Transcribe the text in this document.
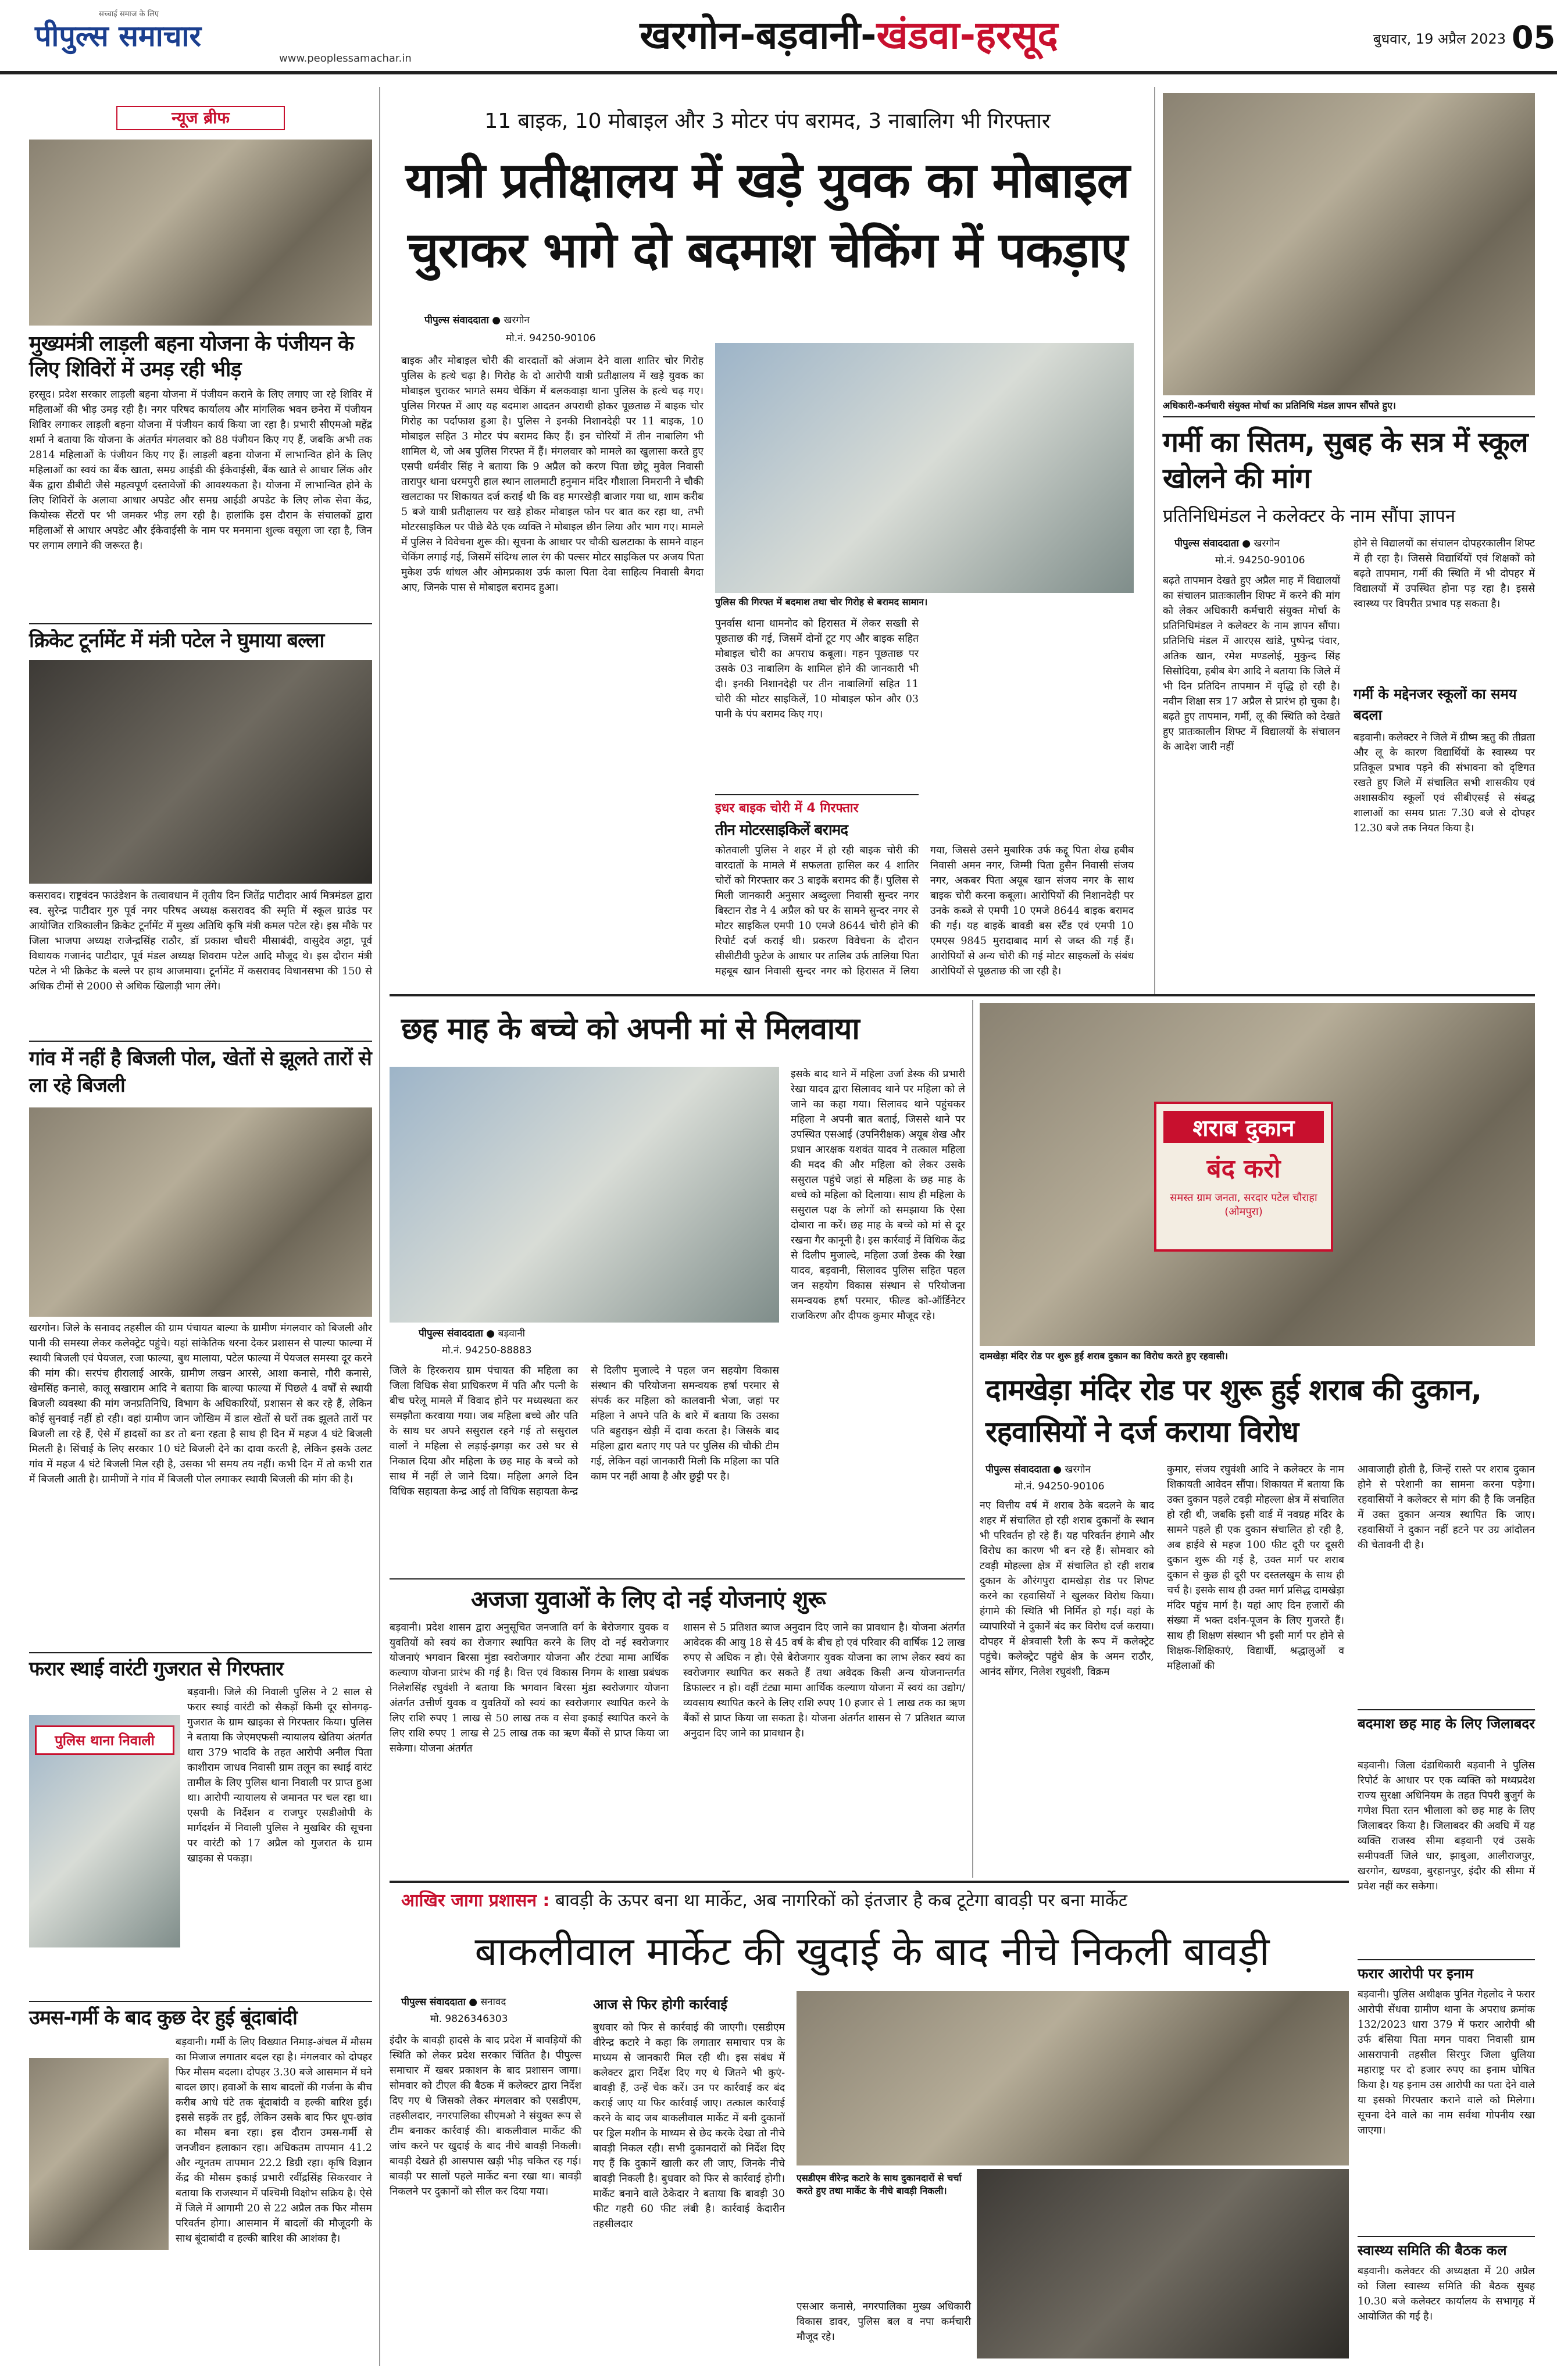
सच्चाई समाज के लिए
पीपुल्स समाचार
www.peoplessamachar.in
खरगोन-बड़वानी-खंडवा-हरसूद	बुधवार, 19 अप्रैल 2023 05
न्यूज ब्रीफ
मुख्यमंत्री लाड़ली बहना योजना के पंजीयन के लिए शिविरों में उमड़ रही भीड़
हरसूद। प्रदेश सरकार लाड़ली बहना योजना में पंजीयन कराने के लिए लगाए जा रहे शिविर में महिलाओं की भीड़ उमड़ रही है। नगर परिषद कार्यालय और मांगलिक भवन छनेरा में पंजीयन शिविर लगाकर लाड़ली बहना योजना में पंजीयन कार्य किया जा रहा है। प्रभारी सीएमओ महेंद्र शर्मा ने बताया कि योजना के अंतर्गत मंगलवार को 88 पंजीयन किए गए हैं, जबकि अभी तक 2814 महिलाओं के पंजीयन किए गए हैं। लाड़ली बहना योजना में लाभान्वित होने के लिए महिलाओं का स्वयं का बैंक खाता, समग्र आईडी की ईकेवाईसी, बैंक खाते से आधार लिंक और बैंक द्वारा डीबीटी जैसे महत्वपूर्ण दस्तावेजों की आवश्यकता है। योजना में लाभान्वित होने के लिए शिविरों के अलावा आधार अपडेट और समग्र आईडी अपडेट के लिए लोक सेवा केंद्र, कियोस्क सेंटरों पर भी जमकर भीड़ लग रही है। हालांकि इस दौरान के संचालकों द्वारा महिलाओं से आधार अपडेट और ईकेवाईसी के नाम पर मनमाना शुल्क वसूला जा रहा है, जिन पर लगाम लगाने की जरूरत है।
क्रिकेट टूर्नामेंट में मंत्री पटेल ने घुमाया बल्ला
कसरावद। राष्ट्रवंदन फाउंडेशन के तत्वावधान में तृतीय दिन जितेंद्र पाटीदार आर्य मित्रमंडल द्वारा स्व. सुरेन्द्र पाटीदार गुरु पूर्व नगर परिषद अध्यक्ष कसरावद की स्मृति में स्कूल ग्राउंड पर आयोजित रात्रिकालीन क्रिकेट टूर्नामेंट में मुख्य अतिथि कृषि मंत्री कमल पटेल रहे। इस मौके पर जिला भाजपा अध्यक्ष राजेन्द्रसिंह राठौर, डॉ प्रकाश चौधरी मीसाबंदी, वासुदेव अट्टा, पूर्व विधायक गजानंद पाटीदार, पूर्व मंडल अध्यक्ष शिवराम पटेल आदि मौजूद थे। इस दौरान मंत्री पटेल ने भी क्रिकेट के बल्ले पर हाथ आजमाया। टूर्नामेंट में कसरावद विधानसभा की 150 से अधिक टीमों से 2000 से अधिक खिलाड़ी भाग लेंगे।
गांव में नहीं है बिजली पोल, खेतों से झूलते तारों से ला रहे बिजली
खरगोन। जिले के सनावद तहसील की ग्राम पंचायत बाल्या के ग्रामीण मंगलवार को बिजली और पानी की समस्या लेकर कलेक्ट्रेट पहुंचे। यहां सांकेतिक धरना देकर प्रशासन से पाल्या फाल्या में स्थायी बिजली एवं पेयजल, रजा फाल्या, बुध मालाया, पटेल फाल्या में पेयजल समस्या दूर करने की मांग की। सरपंच हीरालाई आरके, ग्रामीण लखन आरसे, आशा कनासे, गौरी कनासे, खेमसिंह कनासे, कालू सखाराम आदि ने बताया कि बाल्या फाल्या में पिछले 4 वर्षों से स्थायी बिजली व्यवस्था की मांग जनप्रतिनिधि, विभाग के अधिकारियों, प्रशासन से कर रहे हैं, लेकिन कोई सुनवाई नहीं हो रही। वहां ग्रामीण जान जोखिम में डाल खेतों से घरों तक झूलते तारों पर बिजली ला रहे हैं, ऐसे में हादसों का डर तो बना रहता है साथ ही दिन में महज 4 घंटे बिजली मिलती है। सिंचाई के लिए सरकार 10 घंटे बिजली देने का दावा करती है, लेकिन इसके उलट गांव में महज 4 घंटे बिजली मिल रही है, उसका भी समय तय नहीं। कभी दिन में तो कभी रात में बिजली आती है। ग्रामीणों ने गांव में बिजली पोल लगाकर स्थायी बिजली की मांग की है।
फरार स्थाई वारंटी गुजरात से गिरफ्तार
पुलिस थाना निवाली
बड़वानी। जिले की निवाली पुलिस ने 2 साल से फरार स्थाई वारंटी को सैकड़ों किमी दूर सोनगढ़-गुजरात के ग्राम खाइका से गिरफ्तार किया। पुलिस ने बताया कि जेएमएफसी न्यायालय खेतिया अंतर्गत धारा 379 भादवि के तहत आरोपी अनील पिता काशीराम जाधव निवासी ग्राम तलून का स्थाई वारंट तामील के लिए पुलिस थाना निवाली पर प्राप्त हुआ था। आरोपी न्यायालय से जमानत पर चल रहा था। एसपी के निर्देशन व राजपुर एसडीओपी के मार्गदर्शन में निवाली पुलिस ने मुखबिर की सूचना पर वारंटी को 17 अप्रैल को गुजरात के ग्राम खाइका से पकड़ा।
उमस-गर्मी के बाद कुछ देर हुई बूंदाबांदी
बड़वानी। गर्मी के लिए विख्यात निमाड़-अंचल में मौसम का मिजाज लगातार बदल रहा है। मंगलवार को दोपहर फिर मौसम बदला। दोपहर 3.30 बजे आसमान में घने बादल छाए। हवाओं के साथ बादलों की गर्जना के बीच करीब आधे घंटे तक बूंदाबांदी व हल्की बारिश हुई। इससे सड़कें तर हुईं, लेकिन उसके बाद फिर धूप-छांव का मौसम बना रहा। इस दौरान उमस-गर्मी से जनजीवन हलाकान रहा। अधिकतम तापमान 41.2 और न्यूनतम तापमान 22.2 डिग्री रहा। कृषि विज्ञान केंद्र की मौसम इकाई प्रभारी रवींद्रसिंह सिकरवार ने बताया कि राजस्थान में पश्चिमी विक्षोभ सक्रिय है। ऐसे में जिले में आगामी 20 से 22 अप्रैल तक फिर मौसम परिवर्तन होगा। आसमान में बादलों की मौजूदगी के साथ बूंदाबांदी व हल्की बारिश की आशंका है।
11 बाइक, 10 मोबाइल और 3 मोटर पंप बरामद, 3 नाबालिग भी गिरफ्तार
यात्री प्रतीक्षालय में खड़े युवक का मोबाइल चुराकर भागे दो बदमाश चेकिंग में पकड़ाए
पीपुल्स संवाददाता ● खरगोन
मो.नं. 94250-90106
बाइक और मोबाइल चोरी की वारदातों को अंजाम देने वाला शातिर चोर गिरोह पुलिस के हत्थे चढ़ा है। गिरोह के दो आरोपी यात्री प्रतीक्षालय में खड़े युवक का मोबाइल चुराकर भागते समय चेकिंग में बलकवाड़ा थाना पुलिस के हत्थे चढ़ गए। पुलिस गिरफ्त में आए यह बदमाश आदतन अपराधी होकर पूछताछ में बाइक चोर गिरोह का पर्दाफाश हुआ है। पुलिस ने इनकी निशानदेही पर 11 बाइक, 10 मोबाइल सहित 3 मोटर पंप बरामद किए हैं। इन चोरियों में तीन नाबालिग भी शामिल थे, जो अब पुलिस गिरफ्त में हैं। मंगलवार को मामले का खुलासा करते हुए एसपी धर्मवीर सिंह ने बताया कि 9 अप्रैल को करण पिता छोटू मुवेल निवासी तारापुर थाना धरमपुरी हाल स्थान लालमाटी हनुमान मंदिर गौशाला निमरानी ने चौकी खलटाका पर शिकायत दर्ज कराई थी कि वह मगरखेड़ी बाजार गया था, शाम करीब 5 बजे यात्री प्रतीक्षालय पर खड़े होकर मोबाइल फोन पर बात कर रहा था, तभी मोटरसाइकिल पर पीछे बैठे एक व्यक्ति ने मोबाइल छीन लिया और भाग गए। मामले में पुलिस ने विवेचना शुरू की। सूचना के आधार पर चौकी खलटाका के सामने वाहन चेकिंग लगाई गई, जिसमें संदिग्ध लाल रंग की पल्सर मोटर साइकिल पर अजय पिता मुकेश उर्फ धांधल और ओमप्रकाश उर्फ काला पिता देवा साहित्य निवासी बैगदा आए, जिनके पास से मोबाइल बरामद हुआ।
पुलिस की गिरफ्त में बदमाश तथा चोर गिरोह से बरामद सामान।
पुनर्वास थाना धामनोद को हिरासत में लेकर सख्ती से पूछताछ की गई, जिसमें दोनों टूट गए और बाइक सहित मोबाइल चोरी का अपराध कबूला। गहन पूछताछ पर उसके 03 नाबालिग के शामिल होने की जानकारी भी दी। इनकी निशानदेही पर तीन नाबालिगों सहित 11 चोरी की मोटर साइकिलें, 10 मोबाइल फोन और 03 पानी के पंप बरामद किए गए।
इधर बाइक चोरी में 4 गिरफ्तार
तीन मोटरसाइकिलें बरामद
कोतवाली पुलिस ने शहर में हो रही बाइक चोरी की वारदातों के मामले में सफलता हासिल कर 4 शातिर चोरों को गिरफ्तार कर 3 बाइकें बरामद की हैं। पुलिस से मिली जानकारी अनुसार अब्दुल्ला निवासी सुन्दर नगर बिस्टान रोड ने 4 अप्रैल को घर के सामने सुन्दर नगर से मोटर साइकिल एमपी 10 एमजे 8644 चोरी होने की रिपोर्ट दर्ज कराई थी। प्रकरण विवेचना के दौरान सीसीटीवी फुटेज के आधार पर तालिब उर्फ तालिया पिता महबूब खान निवासी सुन्दर नगर को हिरासत में लिया गया, जिससे उसने मुबारिक उर्फ कद्दू पिता शेख हबीब निवासी अमन नगर, जिम्मी पिता हुसैन निवासी संजय नगर, अकबर पिता अयूब खान संजय नगर के साथ बाइक चोरी करना कबूला। आरोपियों की निशानदेही पर उनके कब्जे से एमपी 10 एमजे 8644 बाइक बरामद की गई। यह बाइकें बावडी बस स्टैंड एवं एमपी 10 एमएस 9845 मुरादाबाद मार्ग से जब्त की गई हैं। आरोपियों से अन्य चोरी की गई मोटर साइकलों के संबंध आरोपियों से पूछताछ की जा रही है।
अधिकारी-कर्मचारी संयुक्त मोर्चा का प्रतिनिधि मंडल ज्ञापन सौंपते हुए।
गर्मी का सितम, सुबह के सत्र में स्कूल खोलने की मांग
प्रतिनिधिमंडल ने कलेक्टर के नाम सौंपा ज्ञापन
पीपुल्स संवाददाता ● खरगोन
मो.नं. 94250-90106
बढ़ते तापमान देखते हुए अप्रैल माह में विद्यालयों का संचालन प्रातःकालीन शिफ्ट में करने की मांग को लेकर अधिकारी कर्मचारी संयुक्त मोर्चा के प्रतिनिधिमंडल ने कलेक्टर के नाम ज्ञापन सौंपा। प्रतिनिधि मंडल में आरएस खांडे, पुष्पेन्द्र पंवार, अतिक खान, रमेश मण्डलोई, मुकुन्द सिंह सिसोदिया, हबीब बेग आदि ने बताया कि जिले में भी दिन प्रतिदिन तापमान में वृद्धि हो रही है। नवीन शिक्षा सत्र 17 अप्रैल से प्रारंभ हो चुका है। बढ़ते हुए तापमान, गर्मी, लू की स्थिति को देखते हुए प्रातःकालीन शिफ्ट में विद्यालयों के संचालन के आदेश जारी नहीं
होने से विद्यालयों का संचालन दोपहरकालीन शिफ्ट में ही रहा है। जिससे विद्यार्थियों एवं शिक्षकों को बढ़ते तापमान, गर्मी की स्थिति में भी दोपहर में विद्यालयों में उपस्थित होना पड़ रहा है। इससे स्वास्थ्य पर विपरीत प्रभाव पड़ सकता है।
गर्मी के मद्देनजर स्कूलों का समय बदला
बड़वानी। कलेक्टर ने जिले में ग्रीष्म ऋतु की तीव्रता और लू के कारण विद्यार्थियों के स्वास्थ्य पर प्रतिकूल प्रभाव पड़ने की संभावना को दृष्टिगत रखते हुए जिले में संचालित सभी शासकीय एवं अशासकीय स्कूलों एवं सीबीएसई से संबद्ध शालाओं का समय प्रातः 7.30 बजे से दोपहर 12.30 बजे तक नियत किया है।
छह माह के बच्चे को अपनी मां से मिलवाया
पीपुल्स संवाददाता ● बड़वानी
मो.नं. 94250-88883
जिले के हिरकराय ग्राम पंचायत की महिला का जिला विधिक सेवा प्राधिकरण में पति और पत्नी के बीच घरेलू मामले में विवाद होने पर मध्यस्थता कर समझौता करवाया गया। जब महिला बच्चे और पति के साथ घर अपने ससुराल रहने गई तो ससुराल वालों ने महिला से लड़ाई-झगड़ा कर उसे घर से निकाल दिया और महिला के छह माह के बच्चे को साथ में नहीं ले जाने दिया। महिला अगले दिन विधिक सहायता केन्द्र आई तो विधिक सहायता केन्द्र से दिलीप मुजाल्दे ने पहल जन सहयोग विकास संस्थान की परियोजना समन्वयक हर्षा परमार से संपर्क कर महिला को कालवानी भेजा, जहां पर महिला ने अपने पति के बारे में बताया कि उसका पति बहुराइन खेड़ी में दावा करता है। जिसके बाद महिला द्वारा बताए गए पते पर पुलिस की चौकी टीम गई, लेकिन वहां जानकारी मिली कि महिला का पति काम पर नहीं आया है और छुट्टी पर है।
इसके बाद थाने में महिला उर्जा डेस्क की प्रभारी रेखा यादव द्वारा सिलावद थाने पर महिला को ले जाने का कहा गया। सिलावद थाने पहुंचकर महिला ने अपनी बात बताई, जिससे थाने पर उपस्थित एसआई (उपनिरीक्षक) अयूब शेख और प्रधान आरक्षक यशवंत यादव ने तत्काल महिला की मदद की और महिला को लेकर उसके ससुराल पहुंचे जहां से महिला के छह माह के बच्चे को महिला को दिलाया। साथ ही महिला के ससुराल पक्ष के लोगों को समझाया कि ऐसा दोबारा ना करें। छह माह के बच्चे को मां से दूर रखना गैर कानूनी है। इस कार्रवाई में विधिक केंद्र से दिलीप मुजाल्दे, महिला उर्जा डेस्क की रेखा यादव, बड़वानी, सिलावद पुलिस सहित पहल जन सहयोग विकास संस्थान से परियोजना समन्वयक हर्षा परमार, फील्ड को-ऑर्डिनेटर राजकिरण और दीपक कुमार मौजूद रहे।
अजजा युवाओं के लिए दो नई योजनाएं शुरू
बड़वानी। प्रदेश शासन द्वारा अनुसूचित जनजाति वर्ग के बेरोजगार युवक व युवतियों को स्वयं का रोजगार स्थापित करने के लिए दो नई स्वरोजगार योजनाएं भगवान बिरसा मुंडा स्वरोजगार योजना और टंट्या मामा आर्थिक कल्याण योजना प्रारंभ की गई है। वित्त एवं विकास निगम के शाखा प्रबंधक निलेशसिंह रघुवंशी ने बताया कि भगवान बिरसा मुंडा स्वरोजगार योजना अंतर्गत उत्तीर्ण युवक व युवतियों को स्वयं का स्वरोजगार स्थापित करने के लिए राशि रुपए 1 लाख से 50 लाख तक व सेवा इकाई स्थापित करने के लिए राशि रुपए 1 लाख से 25 लाख तक का ऋण बैंकों से प्राप्त किया जा सकेगा। योजना अंतर्गत
शासन से 5 प्रतिशत ब्याज अनुदान दिए जाने का प्रावधान है। योजना अंतर्गत आवेदक की आयु 18 से 45 वर्ष के बीच हो एवं परिवार की वार्षिक 12 लाख रुपए से अधिक न हो। ऐसे बेरोजगार युवक योजना का लाभ लेकर स्वयं का स्वरोजगार स्थापित कर सकते हैं तथा अवेदक किसी अन्य योजनान्तर्गत डिफाल्टर न हो। वहीं टंट्या मामा आर्थिक कल्याण योजना में स्वयं का उद्योग/व्यवसाय स्थापित करने के लिए राशि रुपए 10 हजार से 1 लाख तक का ऋण बैंकों से प्राप्त किया जा सकता है। योजना अंतर्गत शासन से 7 प्रतिशत ब्याज अनुदान दिए जाने का प्रावधान है।
शराब दुकान
बंद करो
समस्त ग्राम जनता, सरदार पटेल चौराहा (ओमपुरा)
दामखेड़ा मंदिर रोड पर शुरू हुई शराब दुकान का विरोध करते हुए रहवासी।
दामखेड़ा मंदिर रोड पर शुरू हुई शराब की दुकान, रहवासियों ने दर्ज कराया विरोध
पीपुल्स संवाददाता ● खरगोन
मो.नं. 94250-90106
नए वित्तीय वर्ष में शराब ठेके बदलने के बाद शहर में संचालित हो रही शराब दुकानों के स्थान भी परिवर्तन हो रहे हैं। यह परिवर्तन हंगामे और विरोध का कारण भी बन रहे हैं। सोमवार को टवड़ी मोहल्ला क्षेत्र में संचालित हो रही शराब दुकान के औरंगपुरा दामखेड़ा रोड पर शिफ्ट करने का रहवासियों ने खुलकर विरोध किया। हंगामे की स्थिति भी निर्मित हो गई। वहां के व्यापारियों ने दुकानें बंद कर विरोध दर्ज कराया। दोपहर में क्षेत्रवासी रैली के रूप में कलेक्ट्रेट पहुंचे। कलेक्ट्रेट पहुंचे क्षेत्र के अमन राठौर, आनंद सोंगर, निलेश रघुवंशी, विक्रम
कुमार, संजय रघुवंशी आदि ने कलेक्टर के नाम शिकायती आवेदन सौंपा। शिकायत में बताया कि उक्त दुकान पहले टवड़ी मोहल्ला क्षेत्र में संचालित हो रही थी, जबकि इसी वार्ड में नवग्रह मंदिर के सामने पहले ही एक दुकान संचालित हो रही है, अब हाईवे से महज 100 फीट दूरी पर दूसरी दुकान शुरू की गई है, उक्त मार्ग पर शराब दुकान से कुछ ही दूरी पर दस्तलखुम के साथ ही चर्च है। इसके साथ ही उक्त मार्ग प्रसिद्ध दामखेड़ा मंदिर पहुंच मार्ग है। यहां आए दिन हजारों की संख्या में भक्त दर्शन-पूजन के लिए गुजरते हैं। साथ ही शिक्षण संस्थान भी इसी मार्ग पर होने से शिक्षक-शिक्षिकाएं, विद्यार्थी, श्रद्धालुओं व महिलाओं की
आवाजाही होती है, जिन्हें रास्ते पर शराब दुकान होने से परेशानी का सामना करना पड़ेगा। रहवासियों ने कलेक्टर से मांग की है कि जनहित में उक्त दुकान अन्यत्र स्थापित कि जाए। रहवासियों ने दुकान नहीं हटने पर उग्र आंदोलन की चेतावनी दी है।
बदमाश छह माह के लिए जिलाबदर
बड़वानी। जिला दंडाधिकारी बड़वानी ने पुलिस रिपोर्ट के आधार पर एक व्यक्ति को मध्यप्रदेश राज्य सुरक्षा अधिनियम के तहत पिपरी बुजुर्ग के गणेश पिता रतन भीलाला को छह माह के लिए जिलाबदर किया है। जिलाबदर की अवधि में यह व्यक्ति राजस्व सीमा बड़वानी एवं उसके समीपवर्ती जिले धार, झाबुआ, आलीराजपुर, खरगोन, खण्डवा, बुरहानपुर, इंदौर की सीमा में प्रवेश नहीं कर सकेगा।
फरार आरोपी पर इनाम
बड़वानी। पुलिस अधीक्षक पुनित गेहलोद ने फरार आरोपी सेंधवा ग्रामीण थाना के अपराध क्रमांक 132/2023 धारा 379 में फरार आरोपी श्री उर्फ बंसिया पिता मगन पावरा निवासी ग्राम आसरापानी तहसील सिरपुर जिला धुलिया महाराष्ट्र पर दो हजार रुपए का इनाम घोषित किया है। यह इनाम उस आरोपी का पता देने वाले या इसको गिरफ्तार कराने वाले को मिलेगा। सूचना देने वाले का नाम सर्वथा गोपनीय रखा जाएगा।
स्वास्थ्य समिति की बैठक कल
बड़वानी। कलेक्टर की अध्यक्षता में 20 अप्रैल को जिला स्वास्थ्य समिति की बैठक सुबह 10.30 बजे कलेक्टर कार्यालय के सभागृह में आयोजित की गई है।
आखिर जागा प्रशासन : बावड़ी के ऊपर बना था मार्केट, अब नागरिकों को इंतजार है कब टूटेगा बावड़ी पर बना मार्केट
बाकलीवाल मार्केट की खुदाई के बाद नीचे निकली बावड़ी
पीपुल्स संवाददाता ● सनावद
मो. 9826346303
इंदौर के बावड़ी हादसे के बाद प्रदेश में बावड़ियों की स्थिति को लेकर प्रदेश सरकार चिंतित है। पीपुल्स समाचार में खबर प्रकाशन के बाद प्रशासन जागा। सोमवार को टीएल की बैठक में कलेक्टर द्वारा निर्देश दिए गए थे जिसको लेकर मंगलवार को एसडीएम, तहसीलदार, नगरपालिका सीएमओ ने संयुक्त रूप से टीम बनाकर कार्रवाई की। बाकलीवाल मार्केट की जांच करने पर खुदाई के बाद नीचे बावड़ी निकली। बावड़ी देखते ही आसपास खड़ी भीड़ चकित रह गई। बावड़ी पर सालों पहले मार्केट बना रखा था। बावड़ी निकलने पर दुकानों को सील कर दिया गया।
आज से फिर होगी कार्रवाई
बुधवार को फिर से कार्रवाई की जाएगी। एसडीएम वीरेन्द्र कटारे ने कहा कि लगातार समाचार पत्र के माध्यम से जानकारी मिल रही थी। इस संबंध में कलेक्टर द्वारा निर्देश दिए गए थे जितने भी कुएं-बावड़ी हैं, उन्हें चेक करें। उन पर कार्रवाई कर बंद कराई जाए या फिर कार्रवाई जाए। तत्काल कार्रवाई करने के बाद जब बाकलीवाल मार्केट में बनी दुकानों पर ड्रिल मशीन के माध्यम से छेद करके देखा तो नीचे बावड़ी निकल रही। सभी दुकानदारों को निर्देश दिए गए हैं कि दुकानें खाली कर ली जाए, जिनके नीचे बावड़ी निकली है। बुधवार को फिर से कार्रवाई होगी। मार्केट बनाने वाले ठेकेदार ने बताया कि बावड़ी 30 फीट गहरी 60 फीट लंबी है। कार्रवाई केदारीन तहसीलदार
एसडीएम वीरेन्द्र कटारे के साथ दुकानदारों से चर्चा करते हुए तथा मार्केट के नीचे बावड़ी निकली।
एसआर कनासे, नगरपालिका मुख्य अधिकारी विकास डावर, पुलिस बल व नपा कर्मचारी मौजूद रहे।
